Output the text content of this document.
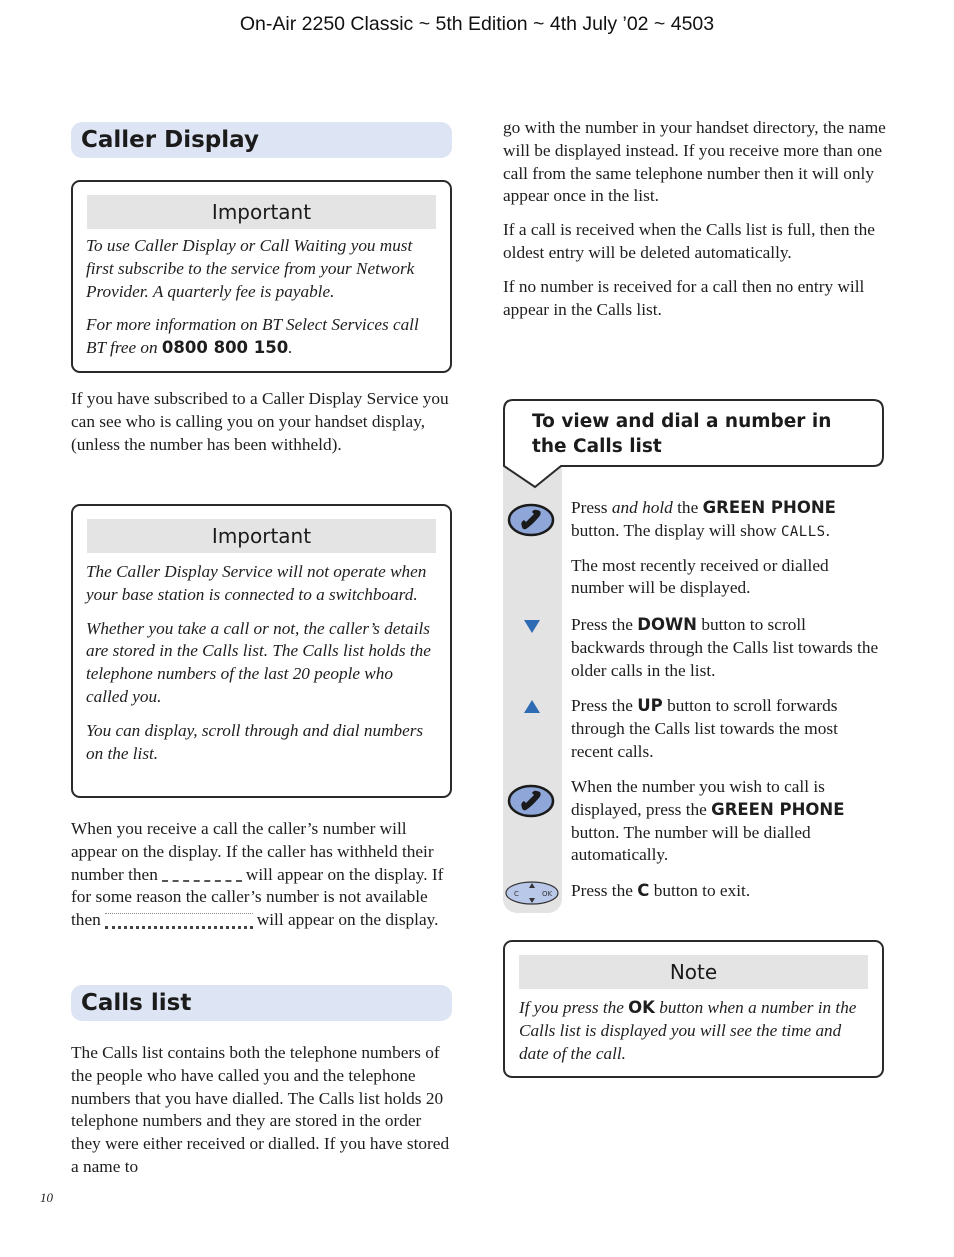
On-Air 2250 Classic ~ 5th Edition ~ 4th July ’02 ~ 4503
Caller Display
Important

To use Caller Display or Call Waiting you must first subscribe to the service from your Network Provider. A quarterly fee is payable.

For more information on BT Select Services call BT free on 0800 800 150.

If you have subscribed to a Caller Display Service you can see who is calling you on your handset display, (unless the number has been withheld).

Important

The Caller Display Service will not operate when your base station is connected to a switchboard.

Whether you take a call or not, the caller’s details are stored in the Calls list. The Calls list holds the telephone numbers of the last 20 people who called you.

You can display, scroll through and dial numbers on the list.

When you receive a call the caller’s number will appear on the display. If the caller has withheld their number then	will appear on the display. If for some reason the caller’s number is not available then	will appear on the display.

Calls list

The Calls list contains both the telephone numbers of the people who have called you and the telephone numbers that you have dialled. The Calls list holds 20 telephone numbers and they are stored in the order they were either received or dialled. If you have stored a name to

10

go with the number in your handset directory, the name will be displayed instead. If you receive more than one call from the same telephone number then it will only appear once in the list.

If a call is received when the Calls list is full, then the oldest entry will be deleted automatically.

If no number is received for a call then no entry will appear in the Calls list.

To view and dial a number in the Calls list
C	OK

Press and hold the GREEN PHONE button. The display will show CALLS.

The most recently received or dialled number will be displayed.

Press the DOWN button to scroll backwards through the Calls list towards the older calls in the list.

Press the UP button to scroll forwards through the Calls list towards the most recent calls.

When the number you wish to call is displayed, press the GREEN PHONE button. The number will be dialled automatically.

Press the C button to exit.

Note

If you press the OK button when a number in the Calls list is displayed you will see the time and date of the call.
